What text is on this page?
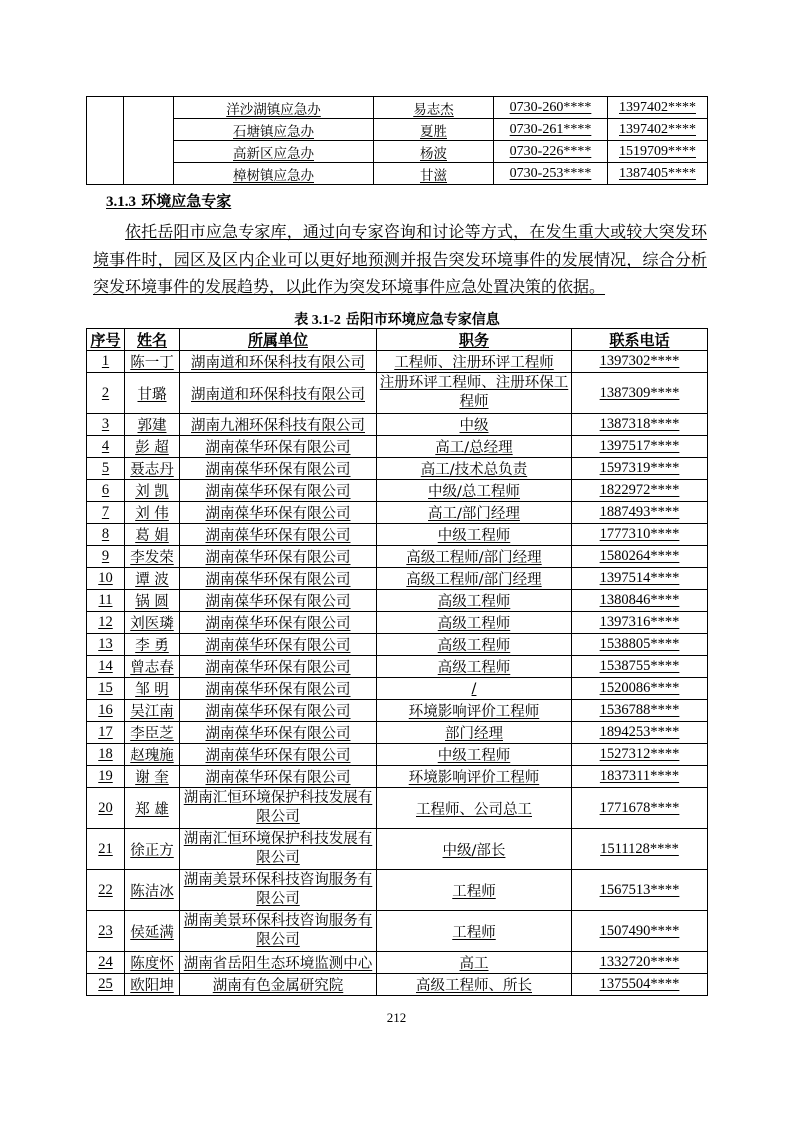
		洋沙湖镇应急办	易志杰	0730-260****	1397402****
		石塘镇应急办	夏胜	0730-261****	1397402****
		高新区应急办	杨波	0730-226****	1519709****
		樟树镇应急办	甘滋	0730-253****	1387405****
3.1.3 环境应急专家

依托岳阳市应急专家库，通过向专家咨询和讨论等方式，在发生重大或较大突发环境事件时，园区及区内企业可以更好地预测并报告突发环境事件的发展情况，综合分析突发环境事件的发展趋势，以此作为突发环境事件应急处置决策的依据。

表 3.1-2 岳阳市环境应急专家信息

序号	姓名	所属单位	职务	联系电话
1	陈一丁	湖南道和环保科技有限公司	工程师、注册环评工程师	1397302****
2	甘璐	湖南道和环保科技有限公司	注册环评工程师、注册环保工程师	1387309****
3	郭建	湖南九湘环保科技有限公司	中级	1387318****
4	彭 超	湖南葆华环保有限公司	高工/总经理	1397517****
5	聂志丹	湖南葆华环保有限公司	高工/技术总负责	1597319****
6	刘 凯	湖南葆华环保有限公司	中级/总工程师	1822972****
7	刘 伟	湖南葆华环保有限公司	高工/部门经理	1887493****
8	葛 娟	湖南葆华环保有限公司	中级工程师	1777310****
9	李发荣	湖南葆华环保有限公司	高级工程师/部门经理	1580264****
10	谭 波	湖南葆华环保有限公司	高级工程师/部门经理	1397514****
11	锅 圆	湖南葆华环保有限公司	高级工程师	1380846****
12	刘医璘	湖南葆华环保有限公司	高级工程师	1397316****
13	李 勇	湖南葆华环保有限公司	高级工程师	1538805****
14	曾志春	湖南葆华环保有限公司	高级工程师	1538755****
15	邹 明	湖南葆华环保有限公司	/	1520086****
16	吴江南	湖南葆华环保有限公司	环境影响评价工程师	1536788****
17	李臣芝	湖南葆华环保有限公司	部门经理	1894253****
18	赵瑰施	湖南葆华环保有限公司	中级工程师	1527312****
19	谢 奎	湖南葆华环保有限公司	环境影响评价工程师	1837311****
20	郑 雄	湖南汇恒环境保护科技发展有限公司	工程师、公司总工	1771678****
21	徐正方	湖南汇恒环境保护科技发展有限公司	中级/部长	1511128****
22	陈洁冰	湖南美景环保科技咨询服务有限公司	工程师	1567513****
23	侯延满	湖南美景环保科技咨询服务有限公司	工程师	1507490****
24	陈度怀	湖南省岳阳生态环境监测中心	高工	1332720****
25	欧阳坤	湖南有色金属研究院	高级工程师、所长	1375504****

212
